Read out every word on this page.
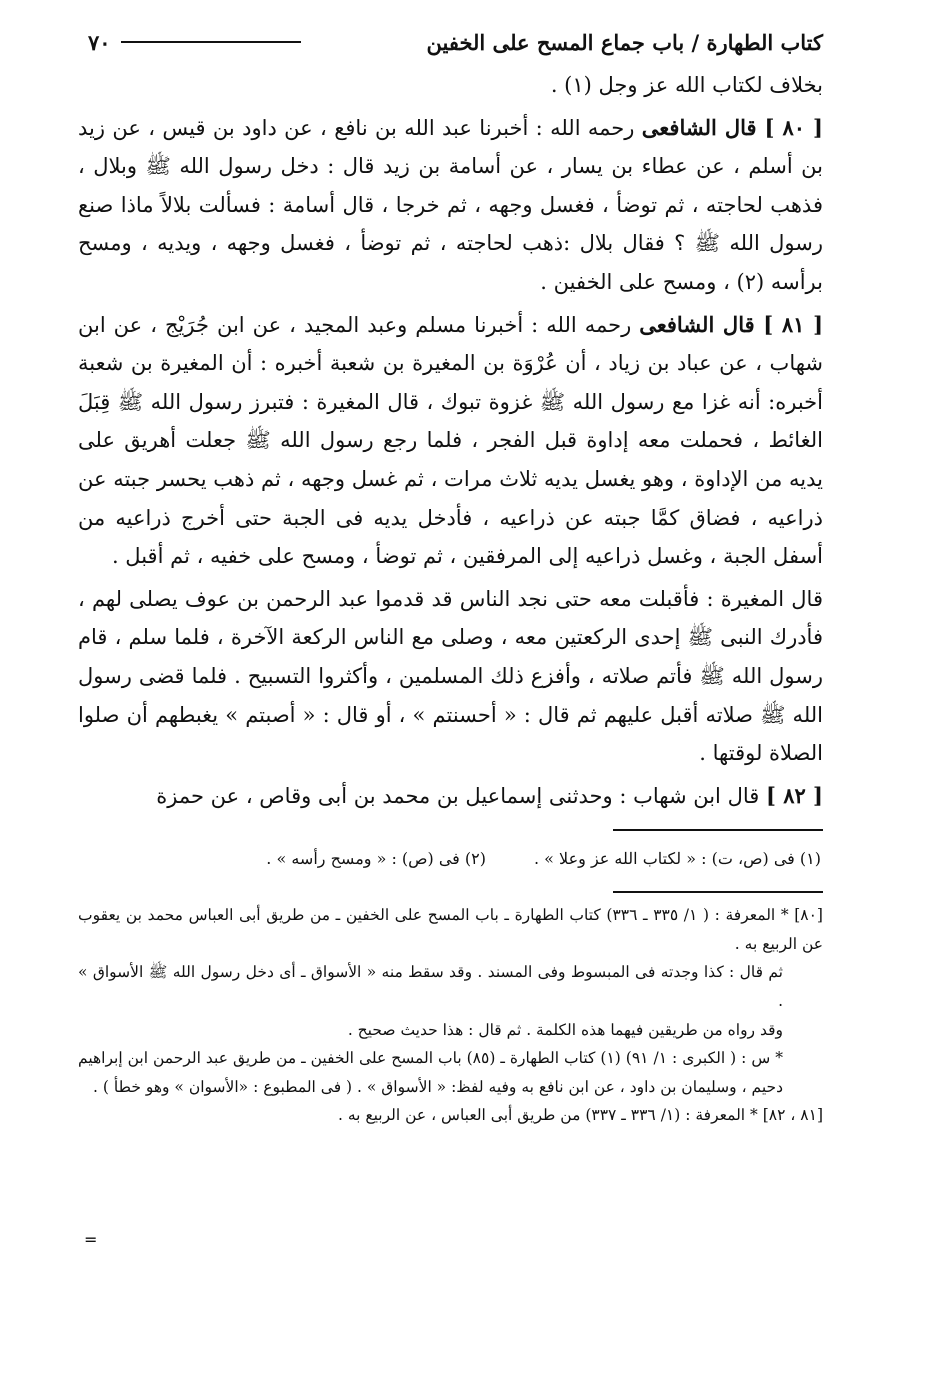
كتاب الطهارة / باب جماع المسح على الخفين
٧٠

بخلاف لكتاب الله عز وجل (١) .

[ ٨٠ ] قال الشافعى رحمه الله : أخبرنا عبد الله بن نافع ، عن داود بن قيس ، عن زيد بن أسلم ، عن عطاء بن يسار ، عن أسامة بن زيد قال : دخل رسول الله ﷺ وبلال ، فذهب لحاجته ، ثم توضأ ، فغسل وجهه ، ثم خرجا ، قال أسامة : فسألت بلالاً ماذا صنع رسول الله ﷺ ؟ فقال بلال :ذهب لحاجته ، ثم توضأ ، فغسل وجهه ، ويديه ، ومسح برأسه (٢) ، ومسح على الخفين .

[ ٨١ ] قال الشافعى رحمه الله : أخبرنا مسلم وعبد المجيد ، عن ابن جُرَيْج ، عن ابن شهاب ، عن عباد بن زياد ، أن عُرْوَة بن المغيرة بن شعبة أخبره : أن المغيرة بن شعبة أخبره: أنه غزا مع رسول الله ﷺ غزوة تبوك ، قال المغيرة : فتبرز رسول الله ﷺ قِبَلَ الغائط ، فحملت معه إداوة قبل الفجر ، فلما رجع رسول الله ﷺ جعلت أهريق على يديه من الإداوة ، وهو يغسل يديه ثلاث مرات ، ثم غسل وجهه ، ثم ذهب يحسر جبته عن ذراعيه ، فضاق كمَّا جبته عن ذراعيه ، فأدخل يديه فى الجبة حتى أخرج ذراعيه من أسفل الجبة ، وغسل ذراعيه إلى المرفقين ، ثم توضأ ، ومسح على خفيه ، ثم أقبل .

قال المغيرة : فأقبلت معه حتى نجد الناس قد قدموا عبد الرحمن بن عوف يصلى لهم ، فأدرك النبى ﷺ إحدى الركعتين معه ، وصلى مع الناس الركعة الآخرة ، فلما سلم ، قام رسول الله ﷺ فأتم صلاته ، وأفزع ذلك المسلمين ، وأكثروا التسبيح . فلما قضى رسول الله ﷺ صلاته أقبل عليهم ثم قال : « أحسنتم » ، أو قال : « أصبتم » يغبطهم أن صلوا الصلاة لوقتها .

[ ٨٢ ] قال ابن شهاب : وحدثنى إسماعيل بن محمد بن أبى وقاص ، عن حمزة

(١) فى (ص، ت) : « لكتاب الله عز وعلا » .
(٢) فى (ص) : « ومسح رأسه » .

[٨٠] * المعرفة : ( ١/ ٣٣٥ ـ ٣٣٦) كتاب الطهارة ـ باب المسح على الخفين ـ من طريق أبى العباس محمد بن يعقوب عن الربيع به .

ثم قال : كذا وجدته فى المبسوط وفى المسند . وقد سقط منه « الأسواق ـ أى دخل رسول الله ﷺ الأسواق » .

وقد رواه من طريقين فيهما هذه الكلمة . ثم قال : هذا حديث صحيح .

* س : ( الكبرى : ١/ ٩١) (١) كتاب الطهارة ـ (٨٥) باب المسح على الخفين ـ من طريق عبد الرحمن ابن إبراهيم دحيم ، وسليمان بن داود ، عن ابن نافع به وفيه لفظ: « الأسواق » . ( فى المطبوع : «الأسوان » وهو خطأ ) .

[٨١ ، ٨٢] * المعرفة : (١/ ٣٣٦ ـ ٣٣٧) من طريق أبى العباس ، عن الربيع به .

=
